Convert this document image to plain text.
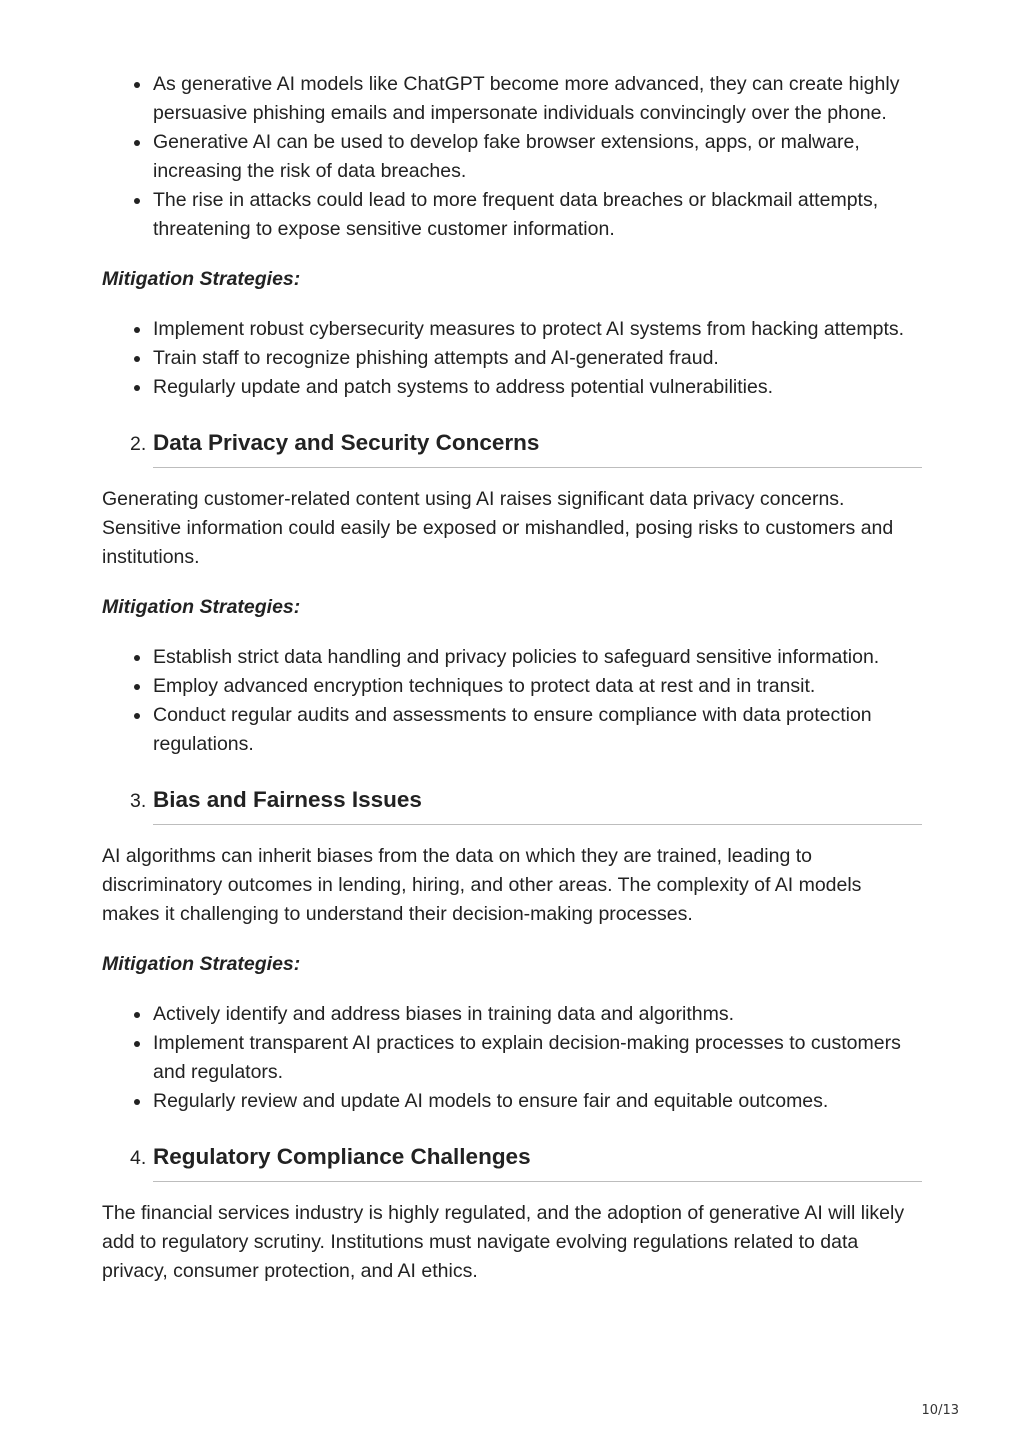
As generative AI models like ChatGPT become more advanced, they can create highly persuasive phishing emails and impersonate individuals convincingly over the phone.
Generative AI can be used to develop fake browser extensions, apps, or malware, increasing the risk of data breaches.
The rise in attacks could lead to more frequent data breaches or blackmail attempts, threatening to expose sensitive customer information.
Mitigation Strategies:
Implement robust cybersecurity measures to protect AI systems from hacking attempts.
Train staff to recognize phishing attempts and AI-generated fraud.
Regularly update and patch systems to address potential vulnerabilities.
2. Data Privacy and Security Concerns

Generating customer-related content using AI raises significant data privacy concerns. Sensitive information could easily be exposed or mishandled, posing risks to customers and institutions.

Mitigation Strategies:
Establish strict data handling and privacy policies to safeguard sensitive information.
Employ advanced encryption techniques to protect data at rest and in transit.
Conduct regular audits and assessments to ensure compliance with data protection regulations.
3. Bias and Fairness Issues

AI algorithms can inherit biases from the data on which they are trained, leading to discriminatory outcomes in lending, hiring, and other areas. The complexity of AI models makes it challenging to understand their decision-making processes.

Mitigation Strategies:
Actively identify and address biases in training data and algorithms.
Implement transparent AI practices to explain decision-making processes to customers and regulators.
Regularly review and update AI models to ensure fair and equitable outcomes.
4. Regulatory Compliance Challenges

The financial services industry is highly regulated, and the adoption of generative AI will likely add to regulatory scrutiny. Institutions must navigate evolving regulations related to data privacy, consumer protection, and AI ethics.

10/13
